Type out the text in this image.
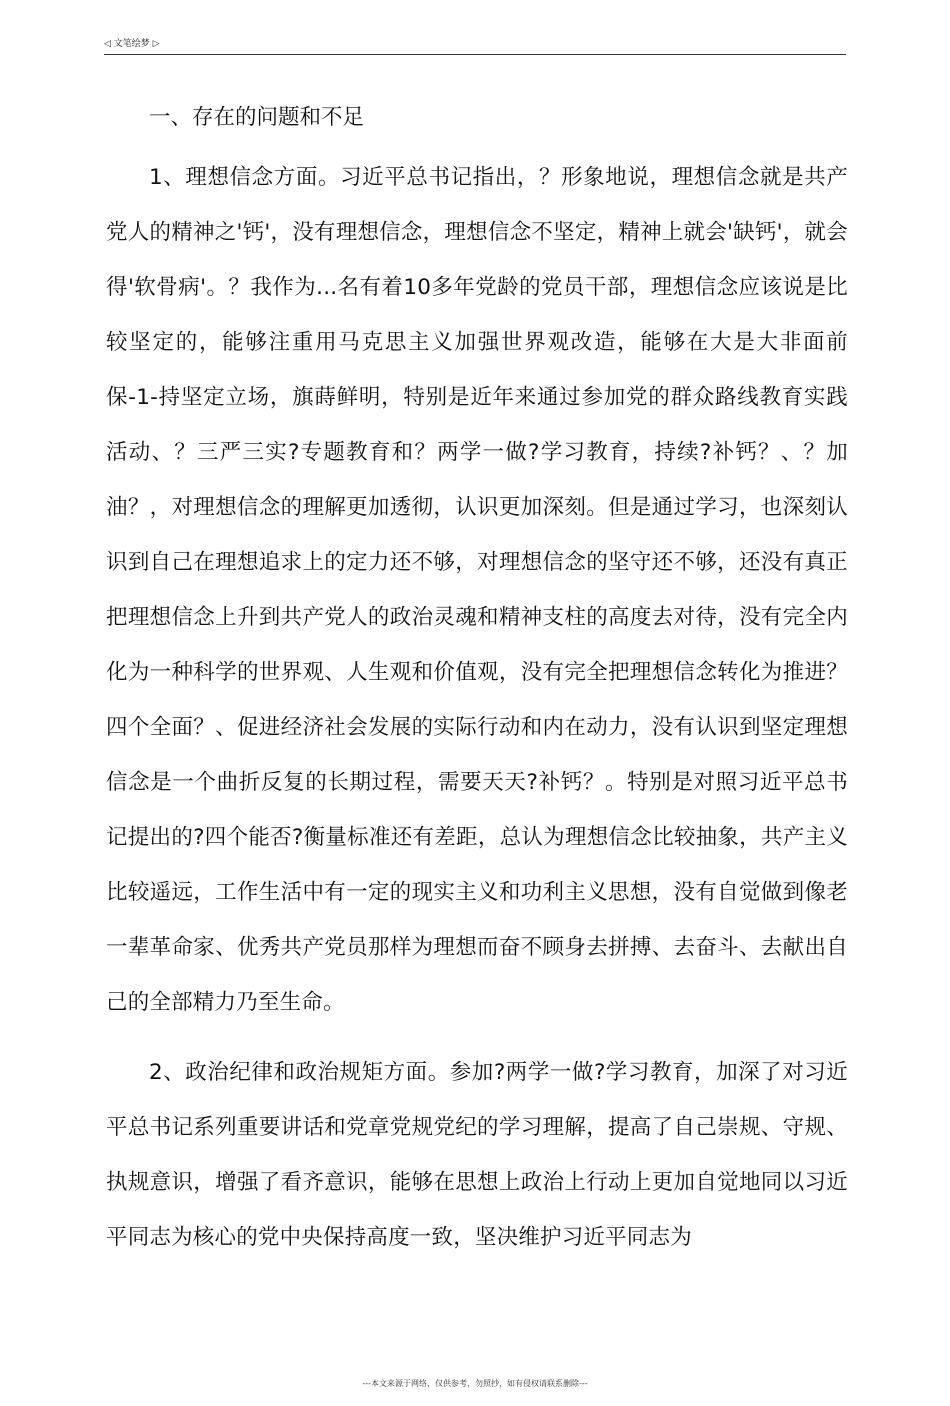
◁ 文笔绘梦 ▷
一、存在的问题和不足

1、理想信念方面。习近平总书记指出，？形象地说，理想信念就是共产党人的精神之'钙'，没有理想信念，理想信念不坚定，精神上就会'缺钙'，就会得'软骨病'。？我作为...名有着10多年党龄的党员干部，理想信念应该说是比较坚定的，能够注重用马克思主义加强世界观改造，能够在大是大非面前保-1-持坚定立场，旗蒔鲜明，特别是近年来通过参加党的群众路线教育实践活动、？三严三实?专题教育和？两学一做?学习教育，持续?补钙？、？加油？，对理想信念的理解更加透彻，认识更加深刻。但是通过学习，也深刻认识到自己在理想追求上的定力还不够，对理想信念的坚守还不够，还没有真正把理想信念上升到共产党人的政治灵魂和精神支柱的高度去对待，没有完全内化为一种科学的世界观、人生观和价值观，没有完全把理想信念转化为推进？四个全面？、促进经济社会发展的实际行动和内在动力，没有认识到坚定理想信念是一个曲折反复的长期过程，需要天天?补钙？。特别是对照习近平总书记提出的?四个能否?衡量标准还有差距，总认为理想信念比较抽象，共产主义比较遥远，工作生活中有一定的现实主义和功利主义思想，没有自觉做到像老一辈革命家、优秀共产党员那样为理想而奋不顾身去拼搏、去奋斗、去献出自己的全部精力乃至生命。

2、政治纪律和政治规矩方面。参加?两学一做?学习教育，加深了对习近平总书记系列重要讲话和党章党规党纪的学习理解，提高了自己崇规、守规、执规意识，增强了看齐意识，能够在思想上政治上行动上更加自觉地同以习近平同志为核心的党中央保持高度一致，坚决维护习近平同志为

---本文来源于网络，仅供参考，勿照抄，如有侵权请联系删除---
